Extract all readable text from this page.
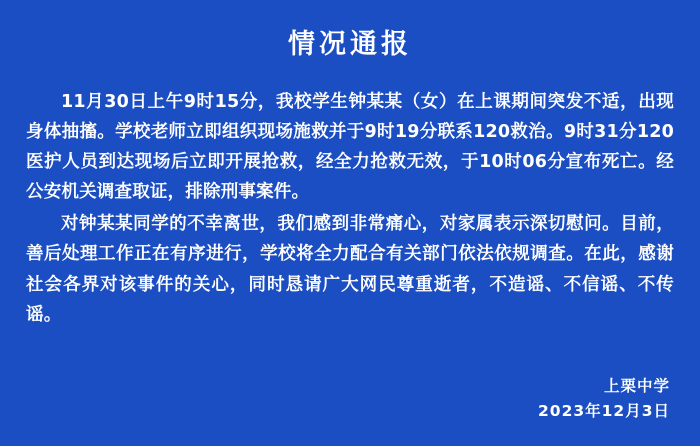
情况通报

11月30日上午9时15分，我校学生钟某某（女）在上课期间突发不适，出现身体抽搐。学校老师立即组织现场施救并于9时19分联系120救治。9时31分120医护人员到达现场后立即开展抢救，经全力抢救无效，于10时06分宣布死亡。经公安机关调查取证，排除刑事案件。

对钟某某同学的不幸离世，我们感到非常痛心，对家属表示深切慰问。目前，善后处理工作正在有序进行，学校将全力配合有关部门依法依规调查。在此，感谢社会各界对该事件的关心，同时恳请广大网民尊重逝者，不造谣、不信谣、不传谣。

上栗中学
2023年12月3日
